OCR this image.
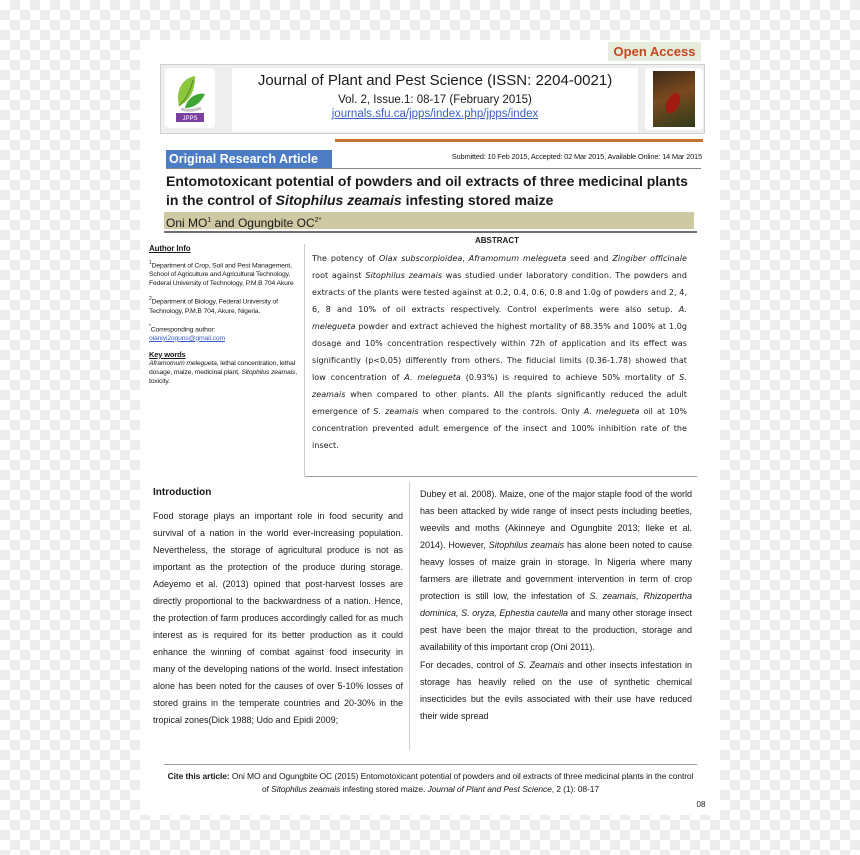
Open Access
JPPS
Journal of Plant and Pest Science (ISSN: 2204-0021)
Vol. 2, Issue.1: 08-17 (February 2015)
journals.sfu.ca/jpps/index.php/jpps/index
Original Research Article	Submitted: 10 Feb 2015, Accepted: 02 Mar 2015, Available Online: 14 Mar 2015
Entomotoxicant potential of powders and oil extracts of three medicinal plants in the control of Sitophilus zeamais infesting stored maize
Oni $MO^1$ and Ogungbite $OC^{2*}$
Author Info
$^1$Department of Crop, Soil and Pest Management, School of Agriculture and Agricultural Technology, Federal University of Technology, P.M.B 704 Akure
$^2$Department of Biology, Federal University of Technology, P.M.B 704, Akure, Nigeria.
*Corresponding author:
olaniyi2oguns@gmail.com
Key words
Aframomum melegueta, lethal concentration, lethal dosage, maize, medicinal plant, Sitophilus zeamais, toxicity.
ABSTRACT
The potency of Olax subscorpioidea, Aframomum melegueta seed and Zingiber officinale root against Sitophilus zeamais was studied under laboratory condition. The powders and extracts of the plants were tested against at 0.2, 0.4, 0.6, 0.8 and 1.0g of powders and 2, 4, 6, 8 and 10% of oil extracts respectively. Control experiments were also setup. A. melegueta powder and extract achieved the highest mortality of 88.35% and 100% at 1.0g dosage and 10% concentration respectively within 72h of application and its effect was significantly (p<0.05) differently from others. The fiducial limits (0.36-1.78) showed that low concentration of A. melegueta (0.93%) is required to achieve 50% mortality of S. zeamais when compared to other plants. All the plants significantly reduced the adult emergence of S. zeamais when compared to the controls. Only A. melegueta oil at 10% concentration prevented adult emergence of the insect and 100% inhibition rate of the insect.
Introduction
Food storage plays an important role in food security and survival of a nation in the world ever-increasing population. Nevertheless, the storage of agricultural produce is not as important as the protection of the produce during storage. Adeyemo et al. (2013) opined that post-harvest losses are directly proportional to the backwardness of a nation. Hence, the protection of farm produces accordingly called for as much interest as is required for its better production as it could enhance the winning of combat against food insecurity in many of the developing nations of the world. Insect infestation alone has been noted for the causes of over 5-10% losses of stored grains in the temperate countries and 20-30% in the tropical zones(Dick 1988; Udo and Epidi 2009;
Dubey et al. 2008). Maize, one of the major staple food of the world has been attacked by wide range of insect pests including beetles, weevils and moths (Akinneye and Ogungbite 2013; Ileke et al. 2014). However, Sitophilus zeamais has alone been noted to cause heavy losses of maize grain in storage. In Nigeria where many farmers are illetrate and government intervention in term of crop protection is still low, the infestation of S. zeamais, Rhizopertha dominica, S. oryza, Ephestia cautella and many other storage insect pest have been the major threat to the production, storage and availability of this important crop (Oni 2011).
For decades, control of S. Zeamais and other insects infestation in storage has heavily relied on the use of synthetic chemical insecticides but the evils associated with their use have reduced their wide spread
Cite this article: Oni MO and Ogungbite OC (2015) Entomotoxicant potential of powders and oil extracts of three medicinal plants in the control of Sitophilus zeamais infesting stored maize. Journal of Plant and Pest Science, 2 (1): 08-17
08
